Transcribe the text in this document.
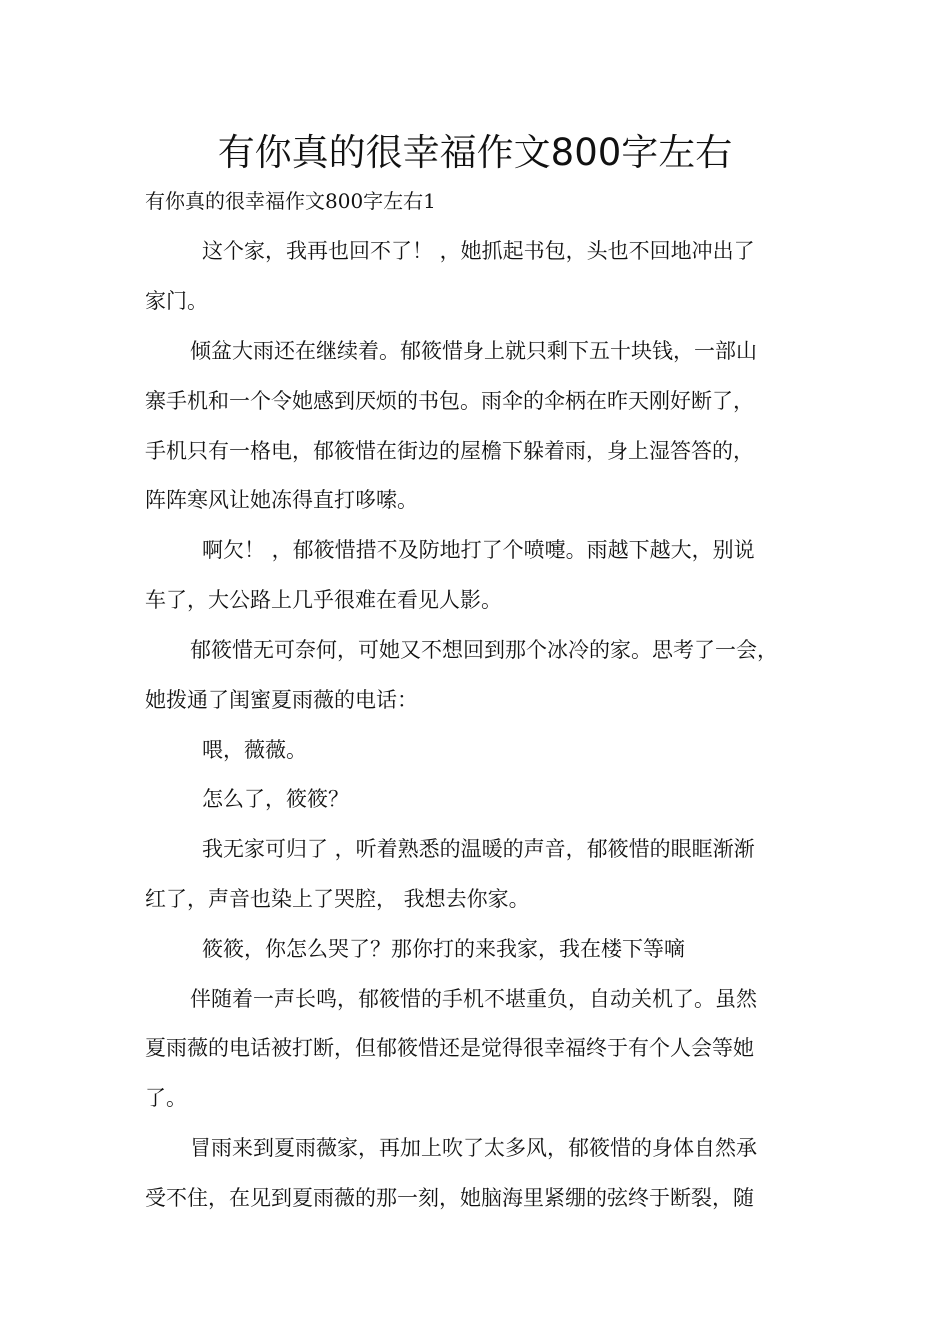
有你真的很幸福作文800字左右

有你真的很幸福作文800字左右1

这个家，我再也回不了！ ，她抓起书包，头也不回地冲出了

家门。

倾盆大雨还在继续着。郁筱惜身上就只剩下五十块钱，一部山

寨手机和一个令她感到厌烦的书包。雨伞的伞柄在昨天刚好断了，

手机只有一格电，郁筱惜在街边的屋檐下躲着雨，身上湿答答的，

阵阵寒风让她冻得直打哆嗦。

啊欠！ ，郁筱惜措不及防地打了个喷嚏。雨越下越大，别说

车了，大公路上几乎很难在看见人影。

郁筱惜无可奈何，可她又不想回到那个冰冷的家。思考了一会，

她拨通了闺蜜夏雨薇的电话：

喂，薇薇。

怎么了，筱筱？

我无家可归了 ，听着熟悉的温暖的声音，郁筱惜的眼眶渐渐

红了，声音也染上了哭腔， 我想去你家。

筱筱，你怎么哭了？那你打的来我家，我在楼下等嘀

伴随着一声长鸣，郁筱惜的手机不堪重负，自动关机了。虽然

夏雨薇的电话被打断，但郁筱惜还是觉得很幸福终于有个人会等她

了。

冒雨来到夏雨薇家，再加上吹了太多风，郁筱惜的身体自然承

受不住，在见到夏雨薇的那一刻，她脑海里紧绷的弦终于断裂，随
